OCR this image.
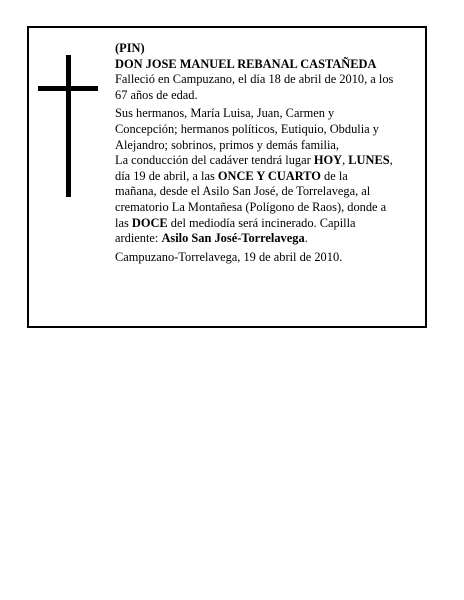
(PIN)
DON JOSE MANUEL REBANAL CASTAÑEDA
Falleció en Campuzano, el día 18 de abril de 2010, a los
67 años de edad.
Sus hermanos, María Luisa, Juan, Carmen y
Concepción; hermanos políticos, Eutiquio, Obdulia y
Alejandro; sobrinos, primos y demás familia,
La conducción del cadáver tendrá lugar HOY, LUNES,
día 19 de abril, a las ONCE Y CUARTO de la
mañana, desde el Asilo San José, de Torrelavega, al
crematorio La Montañesa (Polígono de Raos), donde a
las DOCE del mediodía será incinerado. Capilla
ardiente: Asilo San José-Torrelavega.
Campuzano-Torrelavega, 19 de abril de 2010.
